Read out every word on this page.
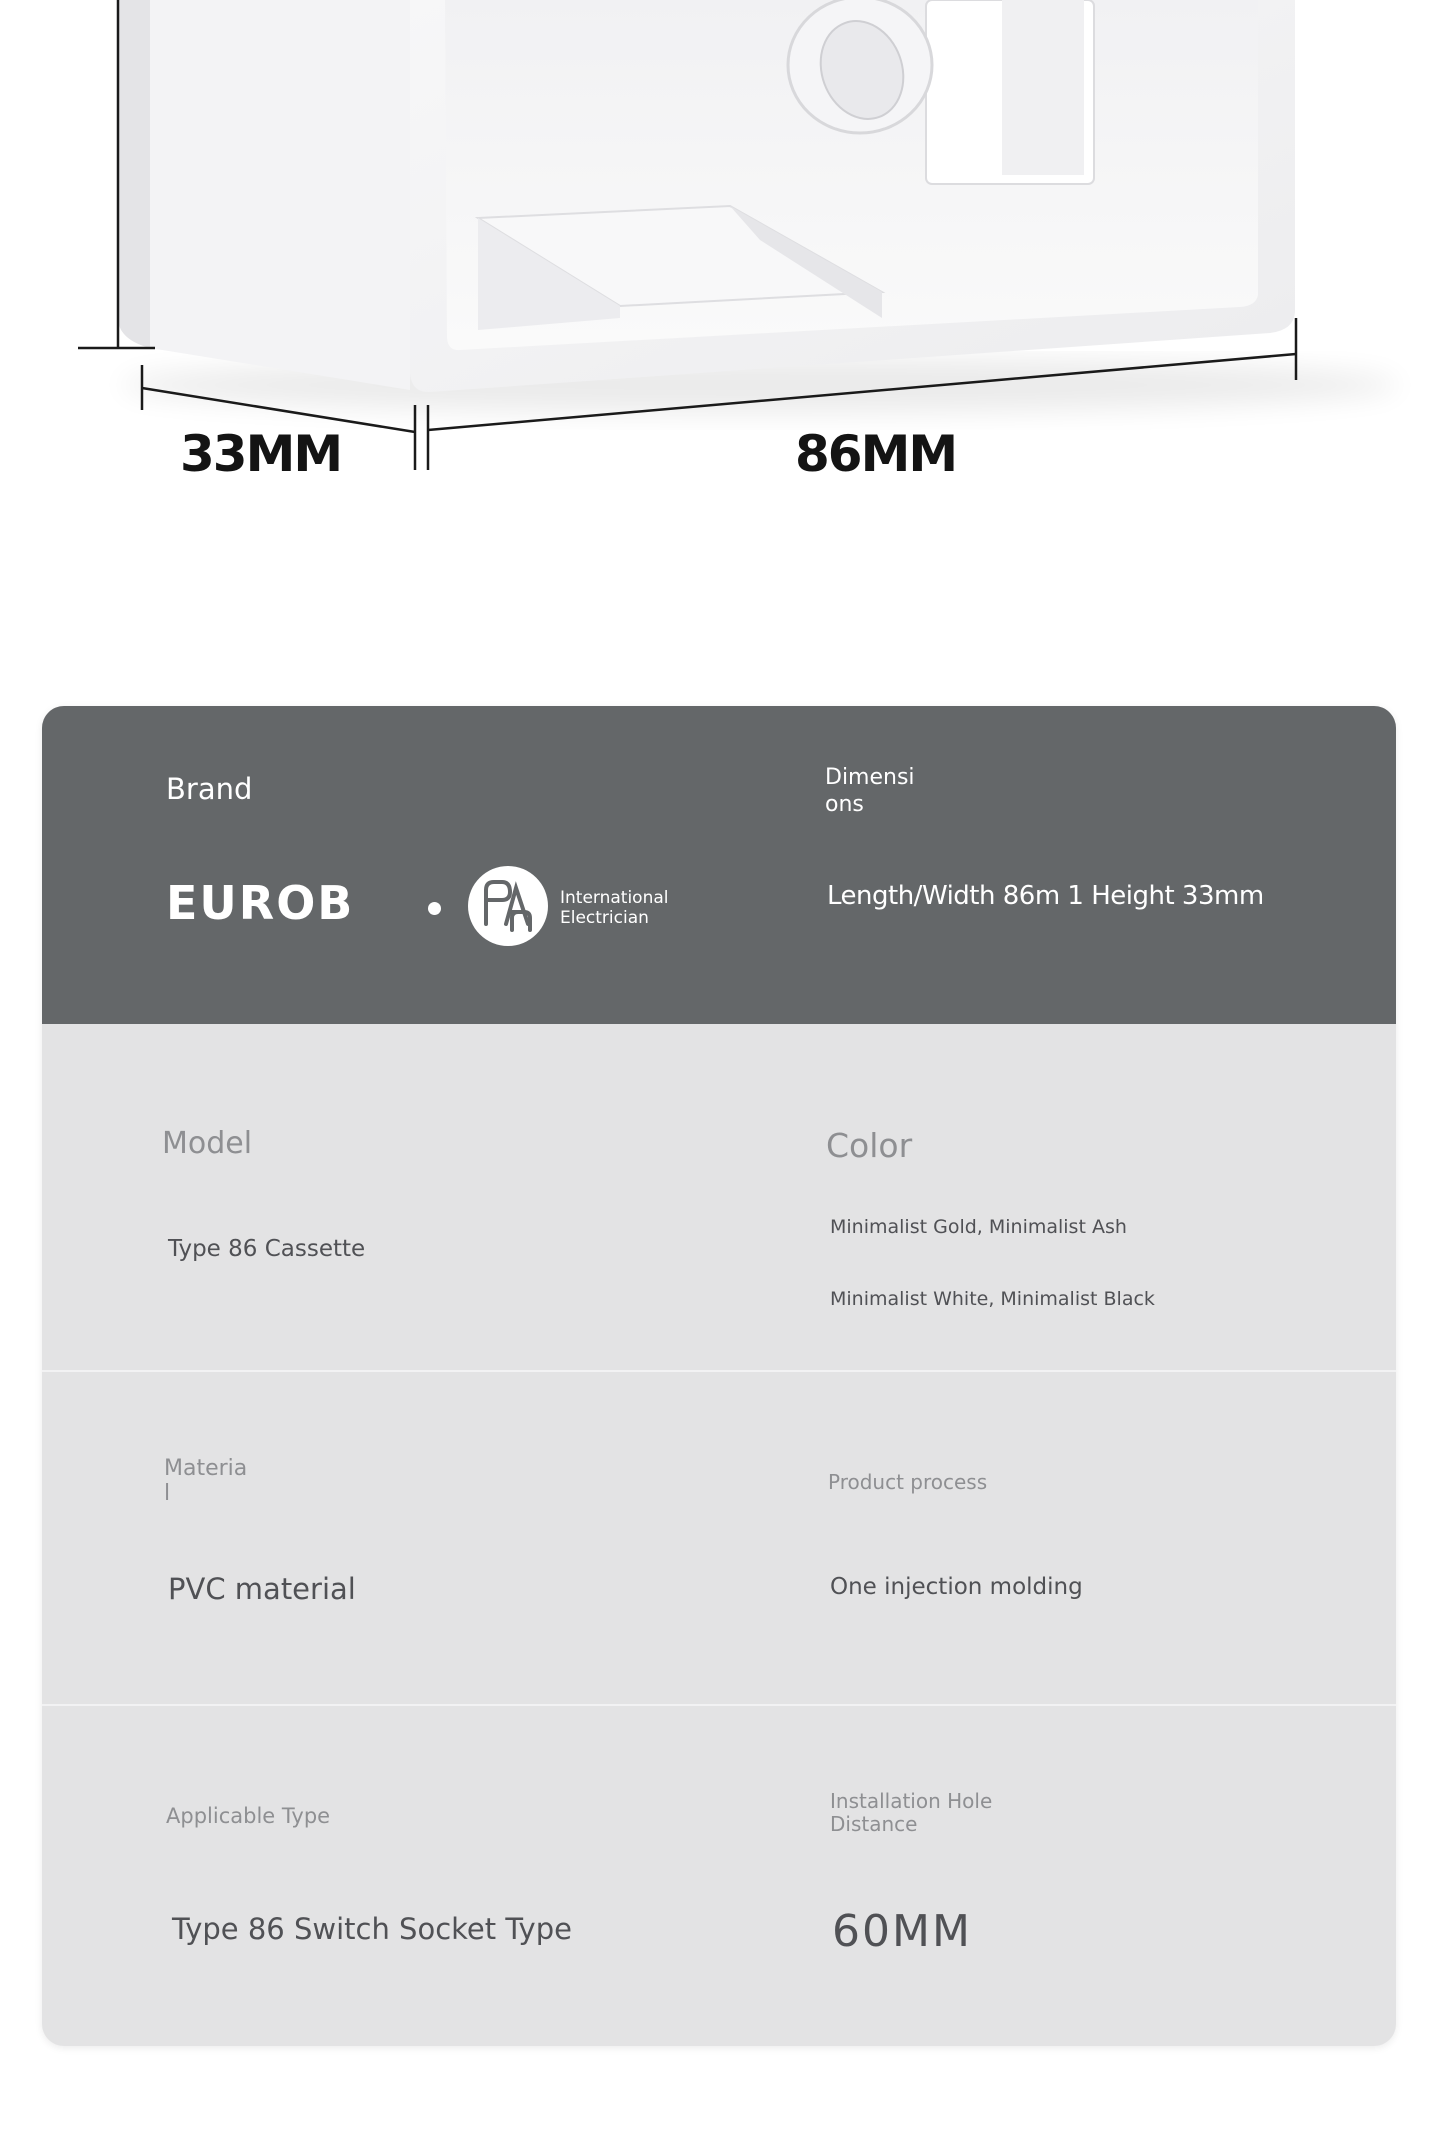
33MM	86MM
Brand
EUROB	International
Electrician
Dimensi
ons
Length/Width 86m 1 Height 33mm
Model
Type 86 Cassette
Color
Minimalist Gold, Minimalist Ash
Minimalist White, Minimalist Black
Materia
l
PVC material
Product process
One injection molding
Applicable Type
Type 86 Switch Socket Type
Installation Hole
Distance
60MM
